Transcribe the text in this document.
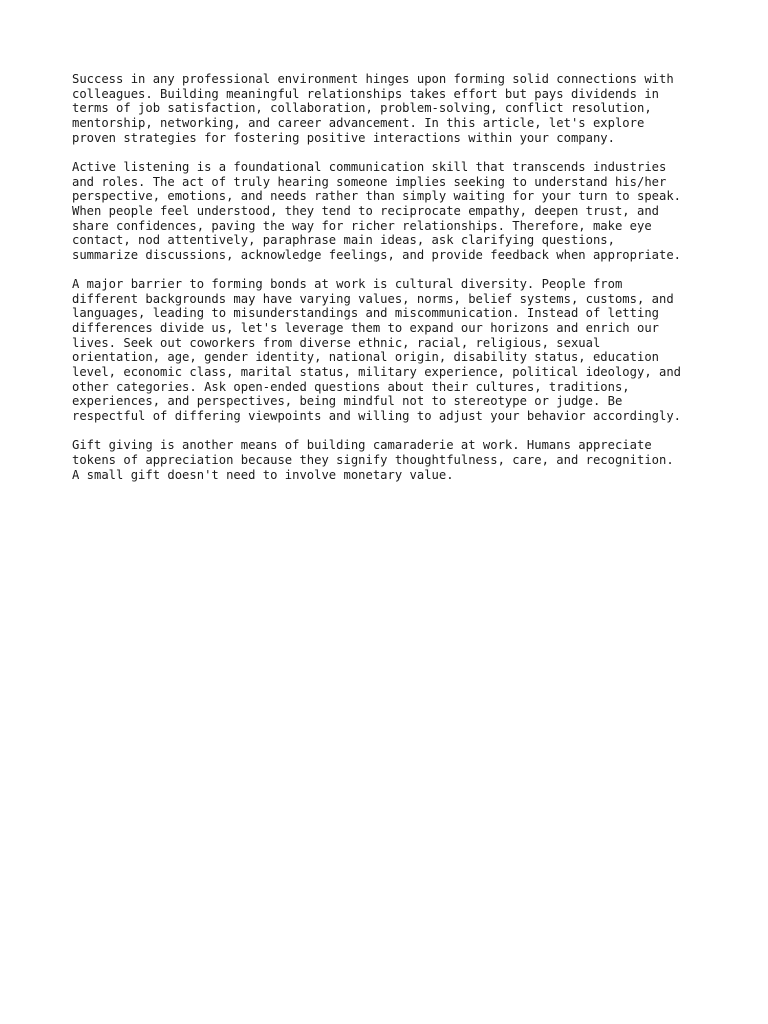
Success in any professional environment hinges upon forming solid connections with
colleagues. Building meaningful relationships takes effort but pays dividends in
terms of job satisfaction, collaboration, problem-solving, conflict resolution,
mentorship, networking, and career advancement. In this article, let's explore
proven strategies for fostering positive interactions within your company.

Active listening is a foundational communication skill that transcends industries
and roles. The act of truly hearing someone implies seeking to understand his/her
perspective, emotions, and needs rather than simply waiting for your turn to speak.
When people feel understood, they tend to reciprocate empathy, deepen trust, and
share confidences, paving the way for richer relationships. Therefore, make eye
contact, nod attentively, paraphrase main ideas, ask clarifying questions,
summarize discussions, acknowledge feelings, and provide feedback when appropriate.

A major barrier to forming bonds at work is cultural diversity. People from
different backgrounds may have varying values, norms, belief systems, customs, and
languages, leading to misunderstandings and miscommunication. Instead of letting
differences divide us, let's leverage them to expand our horizons and enrich our
lives. Seek out coworkers from diverse ethnic, racial, religious, sexual
orientation, age, gender identity, national origin, disability status, education
level, economic class, marital status, military experience, political ideology, and
other categories. Ask open-ended questions about their cultures, traditions,
experiences, and perspectives, being mindful not to stereotype or judge. Be
respectful of differing viewpoints and willing to adjust your behavior accordingly.

Gift giving is another means of building camaraderie at work. Humans appreciate
tokens of appreciation because they signify thoughtfulness, care, and recognition.
A small gift doesn't need to involve monetary value.
